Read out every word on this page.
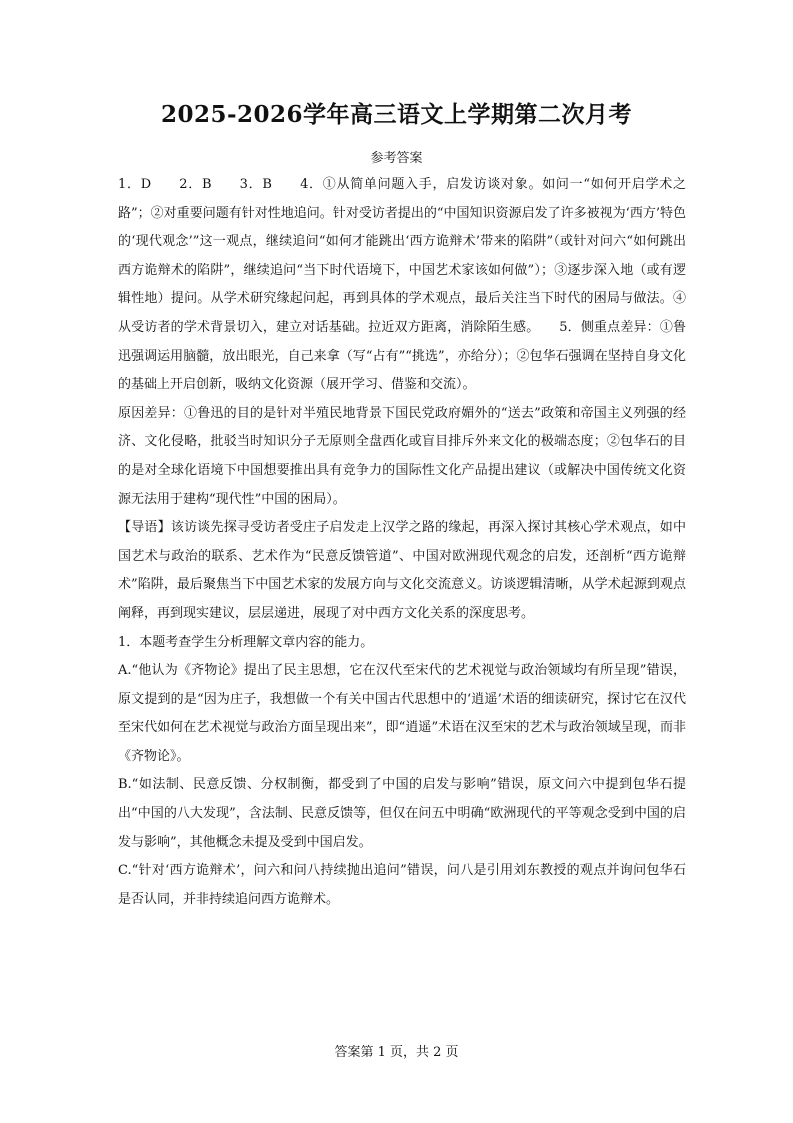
2025-2026学年高三语文上学期第二次月考
参考答案

1．D　　2．B　　3．B　　4．①从简单问题入手，启发访谈对象。如问一“如何开启学术之路”；②对重要问题有针对性地追问。针对受访者提出的“中国知识资源启发了许多被视为‘西方’特色的‘现代观念’”这一观点，继续追问“如何才能跳出‘西方诡辩术’带来的陷阱”（或针对问六“如何跳出西方诡辩术的陷阱”，继续追问“当下时代语境下，中国艺术家该如何做”）；③逐步深入地（或有逻辑性地）提问。从学术研究缘起问起，再到具体的学术观点，最后关注当下时代的困局与做法。④从受访者的学术背景切入，建立对话基础。拉近双方距离，消除陌生感。　　5．侧重点差异：①鲁迅强调运用脑髓，放出眼光，自己来拿（写“占有”“挑选”，亦给分）；②包华石强调在坚持自身文化的基础上开启创新，吸纳文化资源（展开学习、借鉴和交流）。

原因差异：①鲁迅的目的是针对半殖民地背景下国民党政府媚外的“送去”政策和帝国主义列强的经济、文化侵略，批驳当时知识分子无原则全盘西化或盲目排斥外来文化的极端态度；②包华石的目的是对全球化语境下中国想要推出具有竞争力的国际性文化产品提出建议（或解决中国传统文化资源无法用于建构“现代性”中国的困局）。

【导语】该访谈先探寻受访者受庄子启发走上汉学之路的缘起，再深入探讨其核心学术观点，如中国艺术与政治的联系、艺术作为“民意反馈管道”、中国对欧洲现代观念的启发，还剖析“西方诡辩术”陷阱，最后聚焦当下中国艺术家的发展方向与文化交流意义。访谈逻辑清晰，从学术起源到观点阐释，再到现实建议，层层递进，展现了对中西方文化关系的深度思考。

1．本题考查学生分析理解文章内容的能力。

A.“他认为《齐物论》提出了民主思想，它在汉代至宋代的艺术视觉与政治领域均有所呈现”错误，原文提到的是“因为庄子，我想做一个有关中国古代思想中的‘逍遥’术语的细读研究，探讨它在汉代至宋代如何在艺术视觉与政治方面呈现出来”，即“逍遥”术语在汉至宋的艺术与政治领域呈现，而非《齐物论》。

B.“如法制、民意反馈、分权制衡，都受到了中国的启发与影响”错误，原文问六中提到包华石提出“中国的八大发现”，含法制、民意反馈等，但仅在问五中明确“欧洲现代的平等观念受到中国的启发与影响”，其他概念未提及受到中国启发。

C.“针对‘西方诡辩术’，问六和问八持续抛出追问”错误，问八是引用刘东教授的观点并询问包华石是否认同，并非持续追问西方诡辩术。

答案第 1 页，共 2 页
